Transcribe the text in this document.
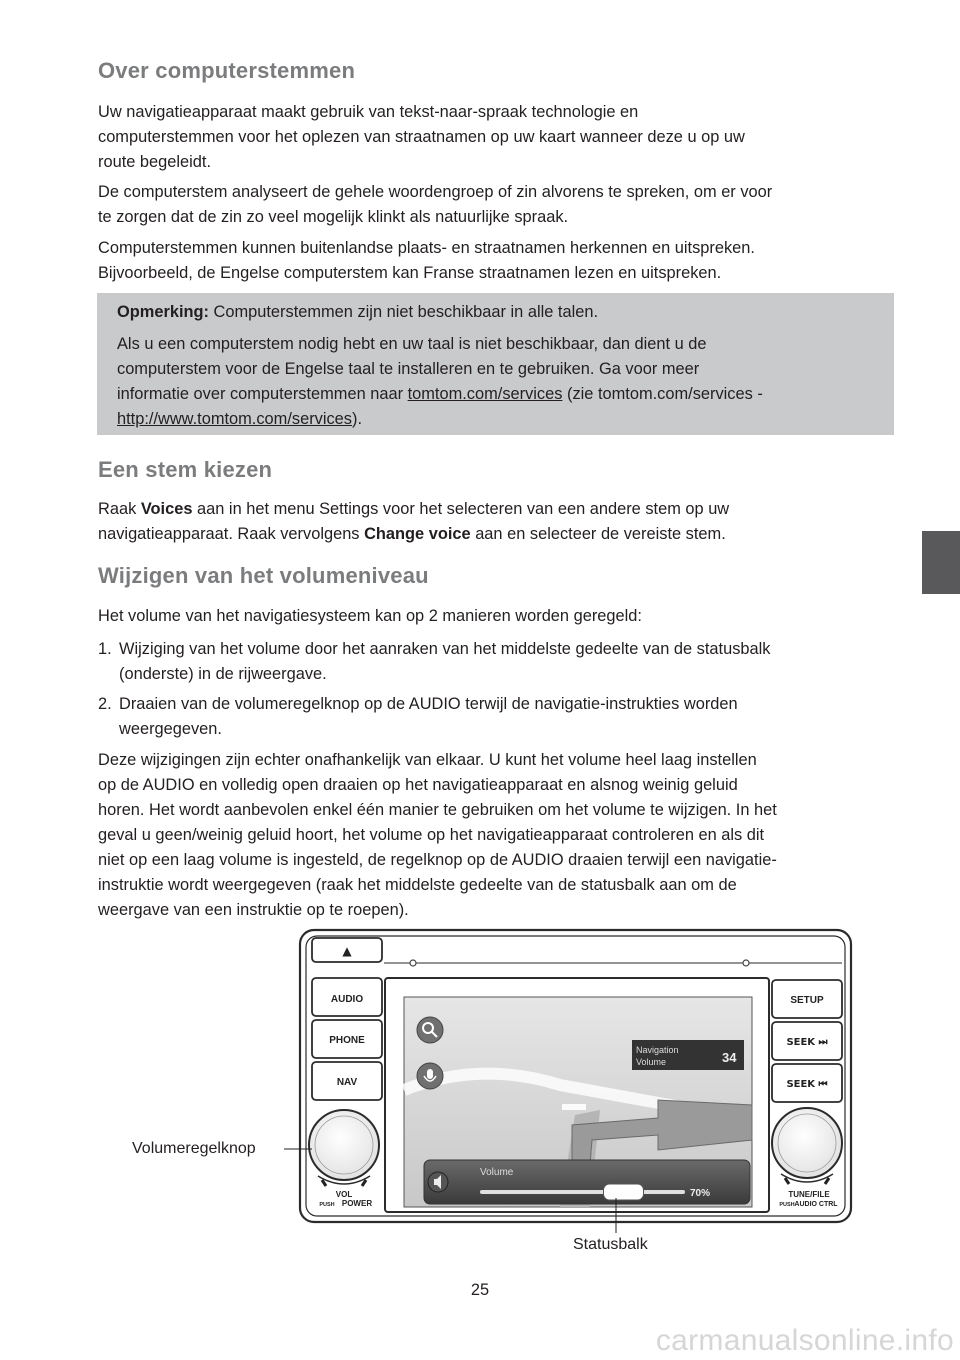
Over computerstemmen

Uw navigatieapparaat maakt gebruik van tekst-naar-spraak technologie en
computerstemmen voor het oplezen van straatnamen op uw kaart wanneer deze u op uw
route begeleidt.

De computerstem analyseert de gehele woordengroep of zin alvorens te spreken, om er voor
te zorgen dat de zin zo veel mogelijk klinkt als natuurlijke spraak.

Computerstemmen kunnen buitenlandse plaats- en straatnamen herkennen en uitspreken.
Bijvoorbeeld, de Engelse computerstem kan Franse straatnamen lezen en uitspreken.

Opmerking: Computerstemmen zijn niet beschikbaar in alle talen.

Als u een computerstem nodig hebt en uw taal is niet beschikbaar, dan dient u de
computerstem voor de Engelse taal te installeren en te gebruiken. Ga voor meer
informatie over computerstemmen naar tomtom.com/services (zie tomtom.com/services -
http://www.tomtom.com/services).

Een stem kiezen

Raak Voices aan in het menu Settings voor het selecteren van een andere stem op uw
navigatieapparaat. Raak vervolgens Change voice aan en selecteer de vereiste stem.

Wijzigen van het volumeniveau

Het volume van het navigatiesysteem kan op 2 manieren worden geregeld:

1. Wijziging van het volume door het aanraken van het middelste gedeelte van de statusbalk
(onderste) in de rijweergave.
2. Draaien van de volumeregelknop op de AUDIO terwijl de navigatie-instrukties worden
weergegeven.

Deze wijzigingen zijn echter onafhankelijk van elkaar. U kunt het volume heel laag instellen
op de AUDIO en volledig open draaien op het navigatieapparaat en alsnog weinig geluid
horen. Het wordt aanbevolen enkel één manier te gebruiken om het volume te wijzigen. In het
geval u geen/weinig geluid hoort, het volume op het navigatieapparaat controleren en als dit
niet op een laag volume is ingesteld, de regelknop op de AUDIO draaien terwijl een navigatie-
instruktie wordt weergegeven (raak het middelste gedeelte van de statusbalk aan om de
weergave van een instruktie op te roepen).

▲
AUDIO
PHONE
NAV
SETUP
SEEK ⏭
SEEK ⏮
VOL
PUSH POWER
TUNE/FILE
PUSH AUDIO CTRL
Navigation
Volume	34
Volume
70%
Volumeregelknop
Statusbalk
25
carmanualsonline.info
